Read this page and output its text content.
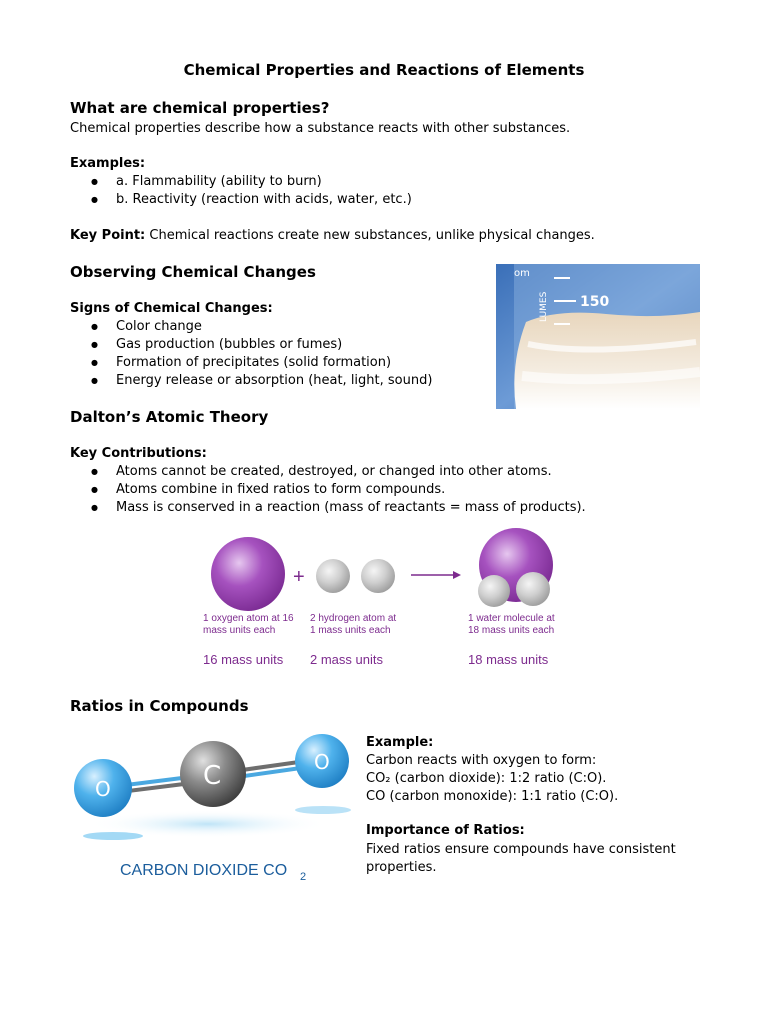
Chemical Properties and Reactions of Elements
What are chemical properties?
Chemical properties describe how a substance reacts with other substances.
Examples:
● a. Flammability (ability to burn)
● b. Reactivity (reaction with acids, water, etc.)
Key Point: Chemical reactions create new substances, unlike physical changes.
Observing Chemical Changes
Signs of Chemical Changes:
● Color change
● Gas production (bubbles or fumes)
● Formation of precipitates (solid formation)
● Energy release or absorption (heat, light, sound)
150
LUMES
om
Dalton’s Atomic Theory
Key Contributions:
● Atoms cannot be created, destroyed, or changed into other atoms.
● Atoms combine in fixed ratios to form compounds.
● Mass is conserved in a reaction (mass of reactants = mass of products).
+
1 oxygen atom at 16
mass units each
2 hydrogen atom at
1 mass units each
1 water molecule at
18 mass units each
16 mass units 2 mass units	18 mass units
Ratios in Compounds
O	C	O
CARBON DIOXIDE CO 2
Example:
Carbon reacts with oxygen to form:
CO₂ (carbon dioxide): 1:2 ratio (C:O).
CO (carbon monoxide): 1:1 ratio (C:O).
Importance of Ratios:
Fixed ratios ensure compounds have consistent
properties.
